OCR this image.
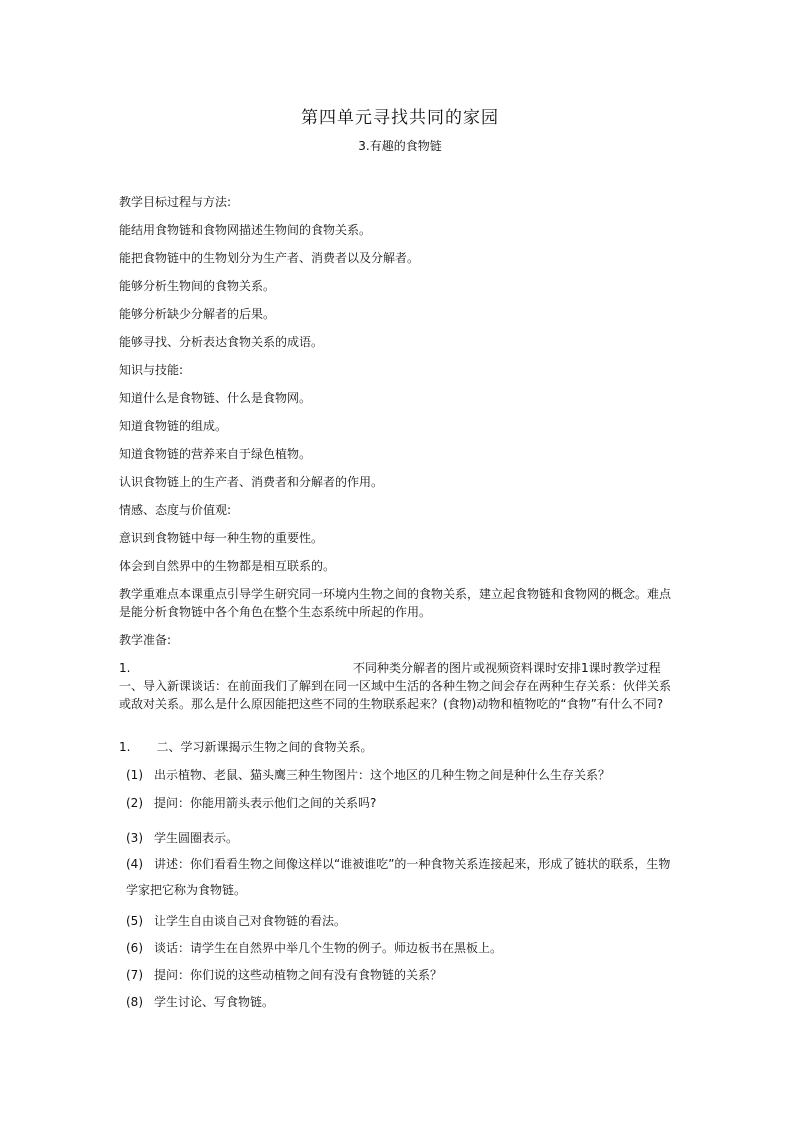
第四单元寻找共同的家园
3.有趣的食物链
教学目标过程与方法:
能结用食物链和食物网描述生物间的食物关系。
能把食物链中的生物划分为生产者、消费者以及分解者。
能够分析生物间的食物关系。
能够分析缺少分解者的后果。
能够寻找、分析表达食物关系的成语。
知识与技能:
知道什么是食物链、什么是食物网。
知道食物链的组成。
知道食物链的营养来自于绿色植物。
认识食物链上的生产者、消费者和分解者的作用。
情感、态度与价值观:
意识到食物链中每一种生物的重要性。
体会到自然界中的生物都是相互联系的。
教学重难点本课重点引导学生研究同一环境内生物之间的食物关系，建立起食物链和食物网的概念。难点是能分析食物链中各个角色在整个生态系统中所起的作用。
教学准备:
1.	不同种类分解者的图片或视频资料课时安排1课时教学过程一、导入新课谈话：在前面我们了解到在同一区域中生活的各种生物之间会存在两种生存关系：伙伴关系或敌对关系。那么是什么原因能把这些不同的生物联系起来？(食物)动物和植物吃的“食物”有什么不同?
1. 二、学习新课揭示生物之间的食物关系。
(1) 出示植物、老鼠、猫头鹰三种生物图片：这个地区的几种生物之间是种什么生存关系？
(2) 提问：你能用箭头表示他们之间的关系吗?
(3) 学生圆圈表示。
(4) 讲述：你们看看生物之间像这样以“谁被谁吃”的一种食物关系连接起来，形成了链状的联系，生物学家把它称为食物链。
(5) 让学生自由谈自己对食物链的看法。
(6) 谈话：请学生在自然界中举几个生物的例子。师边板书在黑板上。
(7) 提问：你们说的这些动植物之间有没有食物链的关系？
(8) 学生讨论、写食物链。
